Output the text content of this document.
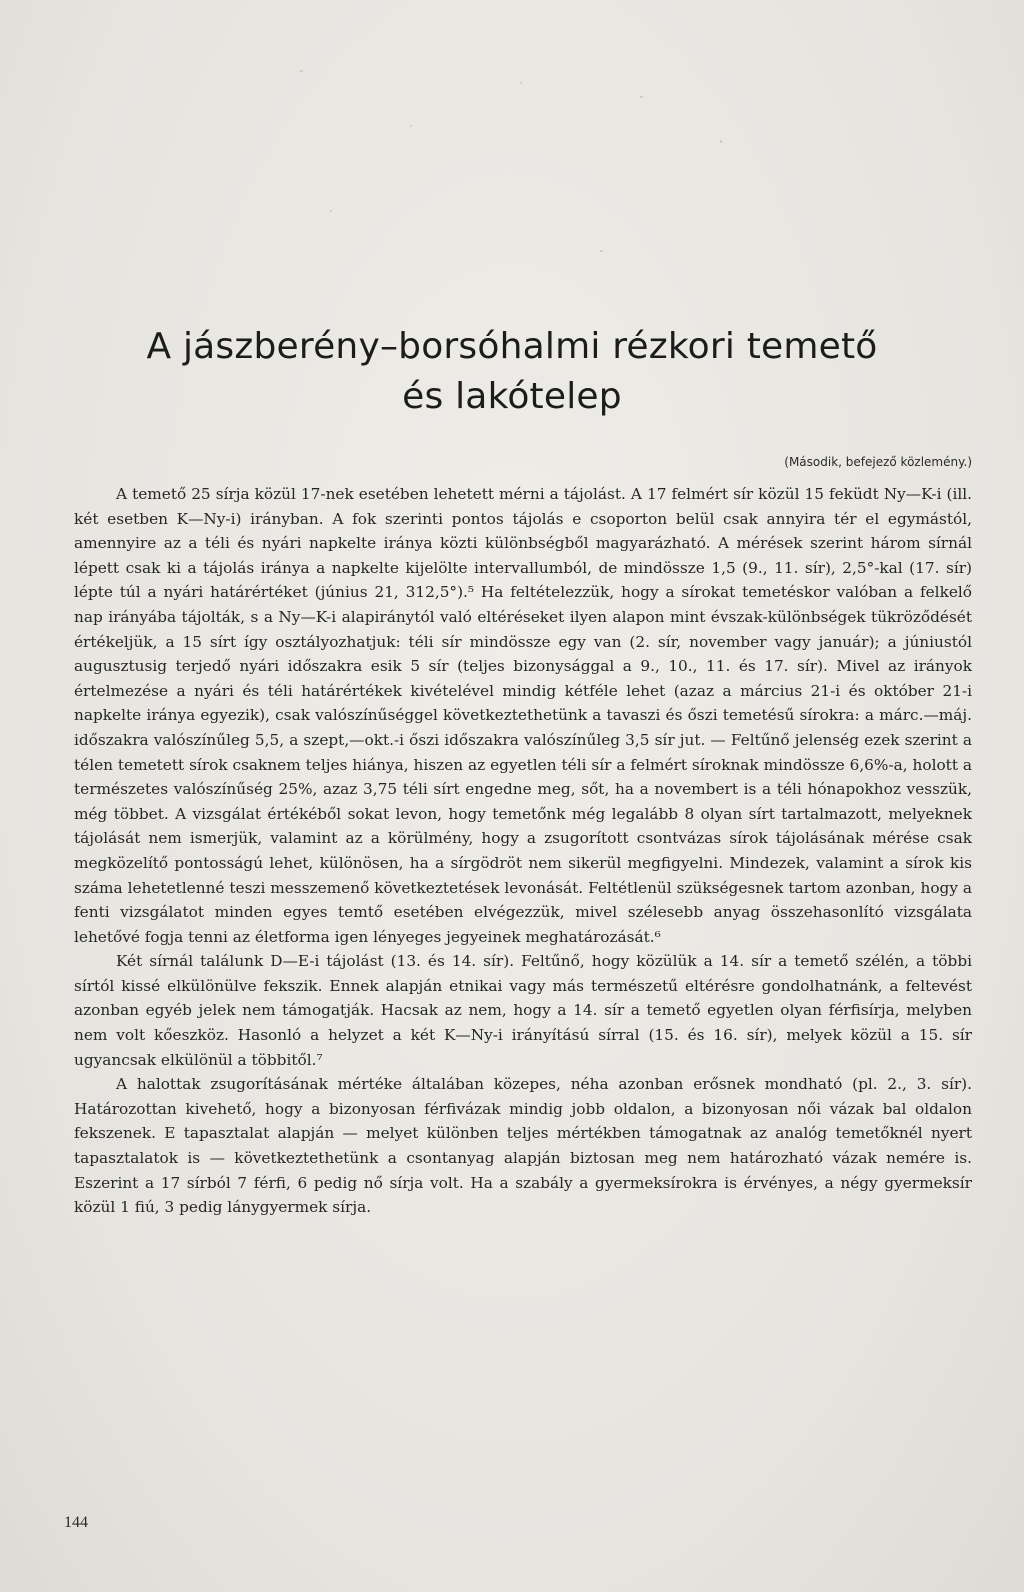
A jászberény–borsóhalmi rézkori temető
és lakótelep
(Második, befejező közlemény.)

A temető 25 sírja közül 17-nek esetében lehetett mérni a tájolást. A 17 felmért sír közül 15 feküdt Ny—K-i (ill. két esetben K—Ny-i) irányban. A fok szerinti pontos tájolás e csoporton belül csak annyira tér el egymástól, amennyire az a téli és nyári napkelte iránya közti különbségből magyarázható. A mérések szerint három sírnál lépett csak ki a tájolás iránya a napkelte kijelölte intervallumból, de mindössze 1,5 (9., 11. sír), 2,5°-kal (17. sír) lépte túl a nyári határértéket (június 21, 312,5°).⁵ Ha feltételezzük, hogy a sírokat temetéskor valóban a felkelő nap irányába tájolták, s a Ny—K-i alapiránytól való eltéréseket ilyen alapon mint évszak-különbségek tükröződését értékeljük, a 15 sírt így osztályozhatjuk: téli sír mindössze egy van (2. sír, november vagy január); a júniustól augusztusig terjedő nyári időszakra esik 5 sír (teljes bizonysággal a 9., 10., 11. és 17. sír). Mivel az irányok értelmezése a nyári és téli határértékek kivételével mindig kétféle lehet (azaz a március 21-i és október 21-i napkelte iránya egyezik), csak valószínűséggel következtethetünk a tavaszi és őszi temetésű sírokra: a márc.—máj. időszakra valószínűleg 5,5, a szept,—okt.-i őszi időszakra valószínűleg 3,5 sír jut. — Feltűnő jelenség ezek szerint a télen temetett sírok csaknem teljes hiánya, hiszen az egyetlen téli sír a felmért síroknak mindössze 6,6%-a, holott a természetes valószínűség 25%, azaz 3,75 téli sírt engedne meg, sőt, ha a novembert is a téli hónapokhoz vesszük, még többet. A vizsgálat értékéből sokat levon, hogy temetőnk még legalább 8 olyan sírt tartalmazott, melyeknek tájolását nem ismerjük, valamint az a körülmény, hogy a zsugorított csontvázas sírok tájolásának mérése csak megközelítő pontosságú lehet, különösen, ha a sírgödröt nem sikerül megfigyelni. Mindezek, valamint a sírok kis száma lehetetlenné teszi messzemenő következtetések levonását. Feltétlenül szükségesnek tartom azonban, hogy a fenti vizsgálatot minden egyes temtő esetében elvégezzük, mivel szélesebb anyag összehasonlító vizsgálata lehetővé fogja tenni az életforma igen lényeges jegyeinek meghatározását.⁶

Két sírnál találunk D—E-i tájolást (13. és 14. sír). Feltűnő, hogy közülük a 14. sír a temető szélén, a többi sírtól kissé elkülönülve fekszik. Ennek alapján etnikai vagy más természetű eltérésre gondolhatnánk, a feltevést azonban egyéb jelek nem támogatják. Hacsak az nem, hogy a 14. sír a temető egyetlen olyan férfisírja, melyben nem volt kőeszköz. Hasonló a helyzet a két K—Ny-i irányítású sírral (15. és 16. sír), melyek közül a 15. sír ugyancsak elkülönül a többitől.⁷

A halottak zsugorításának mértéke általában közepes, néha azonban erősnek mondható (pl. 2., 3. sír). Határozottan kivehető, hogy a bizonyosan férfivázak mindig jobb oldalon, a bizonyosan női vázak bal oldalon fekszenek. E tapasztalat alapján — melyet különben teljes mértékben támogatnak az analóg temetőknél nyert tapasztalatok is — következtethetünk a csontanyag alapján biztosan meg nem határozható vázak nemére is. Eszerint a 17 sírból 7 férfi, 6 pedig nő sírja volt. Ha a szabály a gyermeksírokra is érvényes, a négy gyermeksír közül 1 fiú, 3 pedig lánygyermek sírja.

144
